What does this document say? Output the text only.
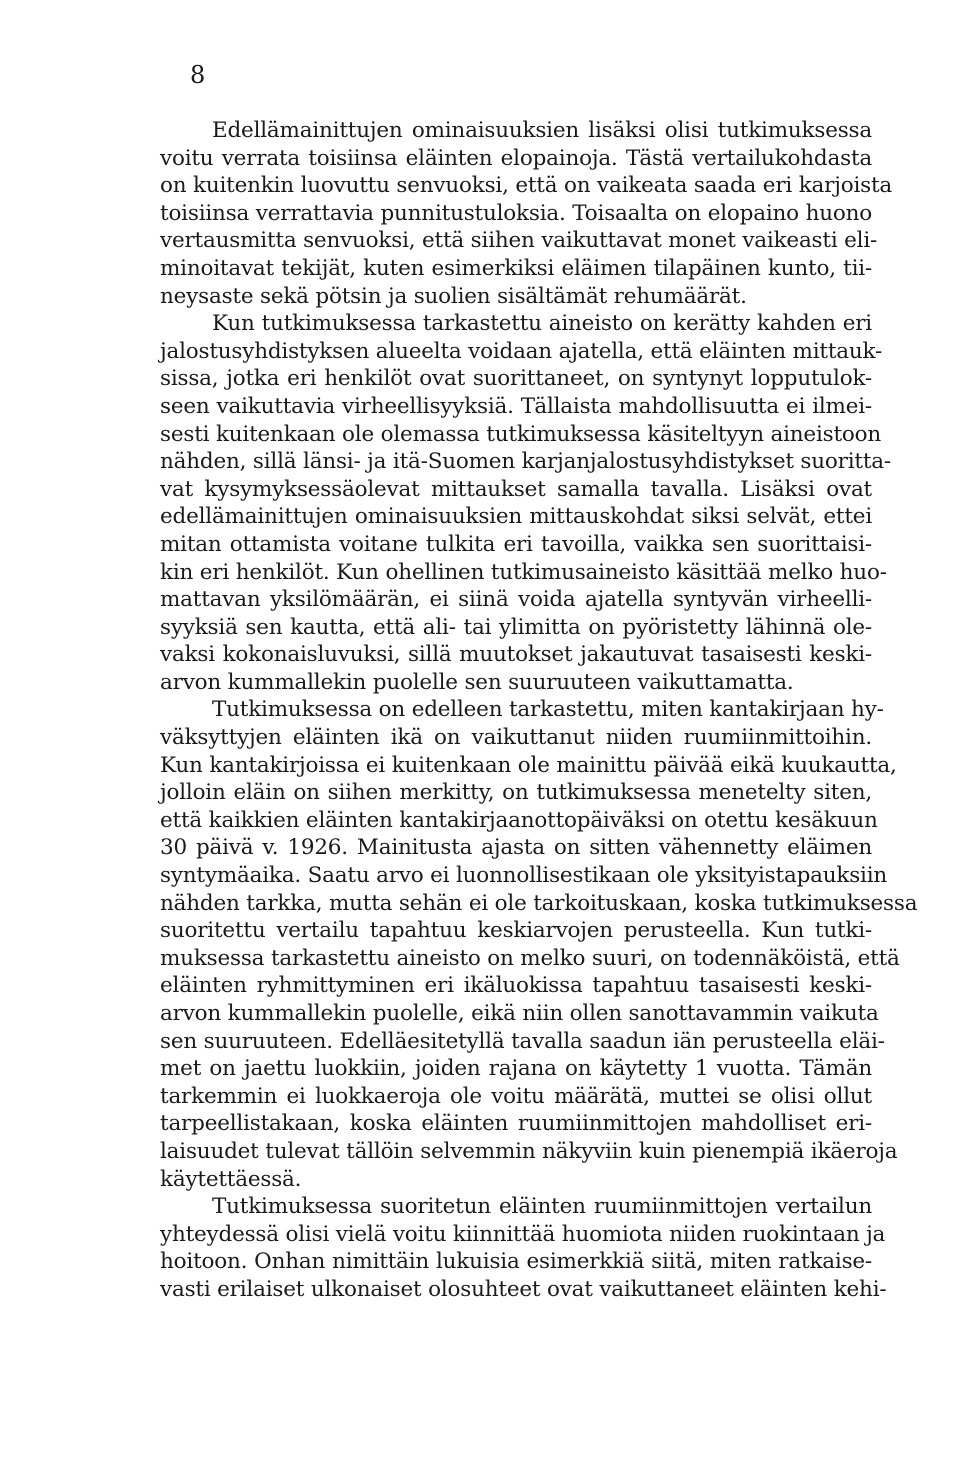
8
Edellämainittujen ominaisuuksien lisäksi olisi tutkimuksessa
voitu verrata toisiinsa eläinten elopainoja. Tästä vertailukohdasta
on kuitenkin luovuttu senvuoksi, että on vaikeata saada eri karjoista
toisiinsa verrattavia punnitustuloksia. Toisaalta on elopaino huono
vertausmitta senvuoksi, että siihen vaikuttavat monet vaikeasti eli-
minoitavat tekijät, kuten esimerkiksi eläimen tilapäinen kunto, tii-
neysaste sekä pötsin ja suolien sisältämät rehumäärät.
Kun tutkimuksessa tarkastettu aineisto on kerätty kahden eri
jalostusyhdistyksen alueelta voidaan ajatella, että eläinten mittauk-
sissa, jotka eri henkilöt ovat suorittaneet, on syntynyt lopputulok-
seen vaikuttavia virheellisyyksiä. Tällaista mahdollisuutta ei ilmei-
sesti kuitenkaan ole olemassa tutkimuksessa käsiteltyyn aineistoon
nähden, sillä länsi- ja itä-Suomen karjanjalostusyhdistykset suoritta-
vat kysymyksessäolevat mittaukset samalla tavalla. Lisäksi ovat
edellämainittujen ominaisuuksien mittauskohdat siksi selvät, ettei
mitan ottamista voitane tulkita eri tavoilla, vaikka sen suorittaisi-
kin eri henkilöt. Kun ohellinen tutkimusaineisto käsittää melko huo-
mattavan yksilömäärän, ei siinä voida ajatella syntyvän virheelli-
syyksiä sen kautta, että ali- tai ylimitta on pyöristetty lähinnä ole-
vaksi kokonaisluvuksi, sillä muutokset jakautuvat tasaisesti keski-
arvon kummallekin puolelle sen suuruuteen vaikuttamatta.
Tutkimuksessa on edelleen tarkastettu, miten kantakirjaan hy-
väksyttyjen eläinten ikä on vaikuttanut niiden ruumiinmittoihin.
Kun kantakirjoissa ei kuitenkaan ole mainittu päivää eikä kuukautta,
jolloin eläin on siihen merkitty, on tutkimuksessa menetelty siten,
että kaikkien eläinten kantakirjaanottopäiväksi on otettu kesäkuun
30 päivä v. 1926. Mainitusta ajasta on sitten vähennetty eläimen
syntymäaika. Saatu arvo ei luonnollisestikaan ole yksityistapauksiin
nähden tarkka, mutta sehän ei ole tarkoituskaan, koska tutkimuksessa
suoritettu vertailu tapahtuu keskiarvojen perusteella. Kun tutki-
muksessa tarkastettu aineisto on melko suuri, on todennäköistä, että
eläinten ryhmittyminen eri ikäluokissa tapahtuu tasaisesti keski-
arvon kummallekin puolelle, eikä niin ollen sanottavammin vaikuta
sen suuruuteen. Edelläesitetyllä tavalla saadun iän perusteella eläi-
met on jaettu luokkiin, joiden rajana on käytetty 1 vuotta. Tämän
tarkemmin ei luokkaeroja ole voitu määrätä, muttei se olisi ollut
tarpeellistakaan, koska eläinten ruumiinmittojen mahdolliset eri-
laisuudet tulevat tällöin selvemmin näkyviin kuin pienempiä ikäeroja
käytettäessä.
Tutkimuksessa suoritetun eläinten ruumiinmittojen vertailun
yhteydessä olisi vielä voitu kiinnittää huomiota niiden ruokintaan ja
hoitoon. Onhan nimittäin lukuisia esimerkkiä siitä, miten ratkaise-
vasti erilaiset ulkonaiset olosuhteet ovat vaikuttaneet eläinten kehi-
